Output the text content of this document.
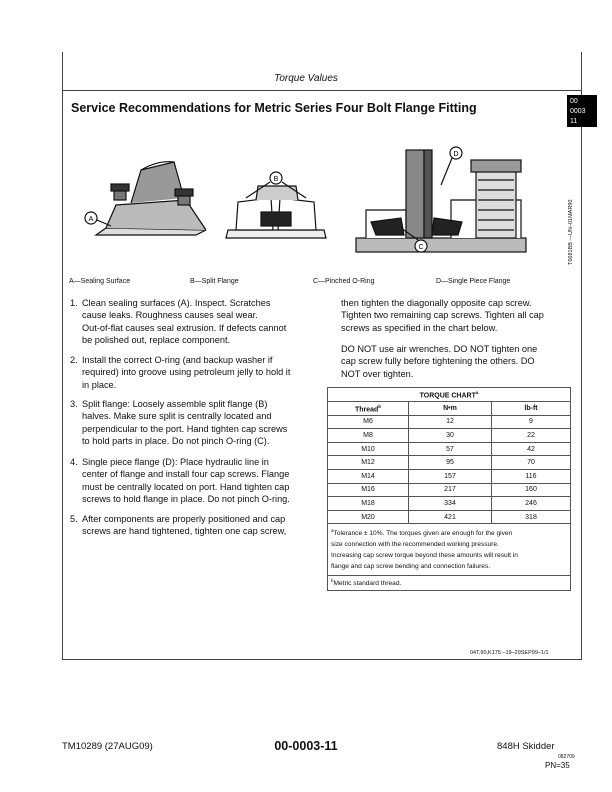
Torque Values
00
0003
11
Service Recommendations for Metric Series Four Bolt Flange Fitting
A
B
D
C	T6691BB —UN–01MAR90
A—Sealing Surface	B—Split Flange	C—Pinched O-Ring	D—Single Piece Flange
1. Clean sealing surfaces (A). Inspect. Scratches
cause leaks. Roughness causes seal wear.
Out-of-flat causes seal extrusion. If defects cannot
be polished out, replace component.
2. Install the correct O-ring (and backup washer if
required) into groove using petroleum jelly to hold it
in place.
3. Split flange: Loosely assemble split flange (B)
halves. Make sure split is centrally located and
perpendicular to the port. Hand tighten cap screws
to hold parts in place. Do not pinch O-ring (C).
4. Single piece flange (D): Place hydraulic line in
center of flange and install four cap screws. Flange
must be centrally located on port. Hand tighten cap
screws to hold flange in place. Do not pinch O-ring.
5. After components are properly positioned and cap
screws are hand tightened, tighten one cap screw,
then tighten the diagonally opposite cap screw.
Tighten two remaining cap screws. Tighten all cap
screws as specified in the chart below.
DO NOT use air wrenches. DO NOT tighten one
cap screw fully before tightening the others. DO
NOT over tighten.
TORQUE CHART$^a$
Thread$^b$	N•m	lb-ft
M6	12	9
M8	30	22
M10	57	42
M12	95	70
M14	157	116
M16	217	160
M18	334	246
M20	421	318

$^a$Tolerance ± 10%. The torques given are enough for the given
size connection with the recommended working pressure.
Increasing cap screw torque beyond these amounts will result in
flange and cap screw bending and connection failures.		

$^b$Metric standard thread.		
04T,90,K175 –19–29SEP99–1/1
TM10289 (27AUG09)	00-0003-11	848H Skidder
082709
PN=35
